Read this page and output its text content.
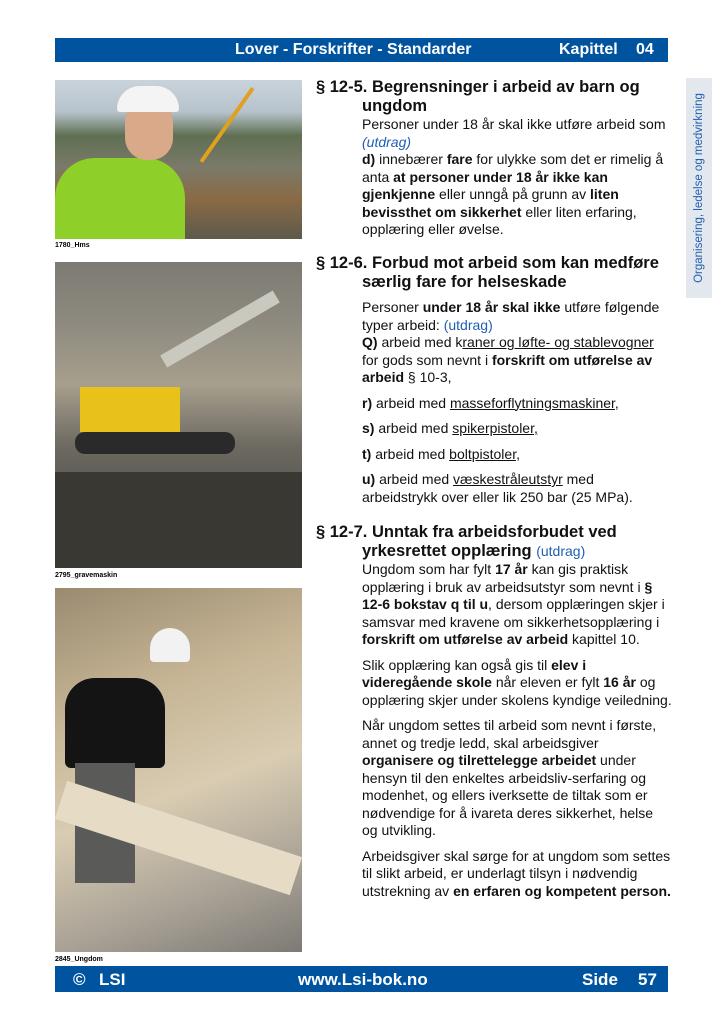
Lover - Forskrifter - Standarder	Kapittel 04
Organisering, ledelse og medvirkning
1780_Hms
2795_gravemaskin
2845_Ungdom
§ 12-5. Begrensninger i arbeid av barn og ungdom

Personer under 18 år skal ikke utføre arbeid som (utdrag)

d) innebærer fare for ulykke som det er rimelig å anta at personer under 18 år ikke kan gjenkjenne eller unngå på grunn av liten bevissthet om sikkerhet eller liten erfaring, opplæring eller øvelse.

§ 12-6. Forbud mot arbeid som kan medføre særlig fare for helseskade

Personer under 18 år skal ikke utføre følgende typer arbeid: (utdrag)

Q) arbeid med kraner og løfte- og stablevogner for gods som nevnt i forskrift om utførelse av arbeid § 10-3,

r) arbeid med masseforflytningsmaskiner,

s) arbeid med spikerpistoler,

t) arbeid med boltpistoler,

u) arbeid med væskestråleutstyr med arbeidstrykk over eller lik 250 bar (25 MPa).

§ 12-7. Unntak fra arbeidsforbudet ved yrkesrettet opplæring (utdrag)

Ungdom som har fylt 17 år kan gis praktisk opplæring i bruk av arbeidsutstyr som nevnt i § 12-6 bokstav q til u, dersom opplæringen skjer i samsvar med kravene om sikkerhetsopplæring i forskrift om utførelse av arbeid kapittel 10.

Slik opplæring kan også gis til elev i videregående skole når eleven er fylt 16 år og opplæring skjer under skolens kyndige veiledning.

Når ungdom settes til arbeid som nevnt i første, annet og tredje ledd, skal arbeidsgiver organisere og tilrettelegge arbeidet under hensyn til den enkeltes arbeidsliv-serfaring og modenhet, og ellers iverksette de tiltak som er nødvendige for å ivareta deres sikkerhet, helse og utvikling.

Arbeidsgiver skal sørge for at ungdom som settes til slikt arbeid, er underlagt tilsyn i nødvendig utstrekning av en erfaren og kompetent person.

© LSI	www.Lsi-bok.no	Side 57
